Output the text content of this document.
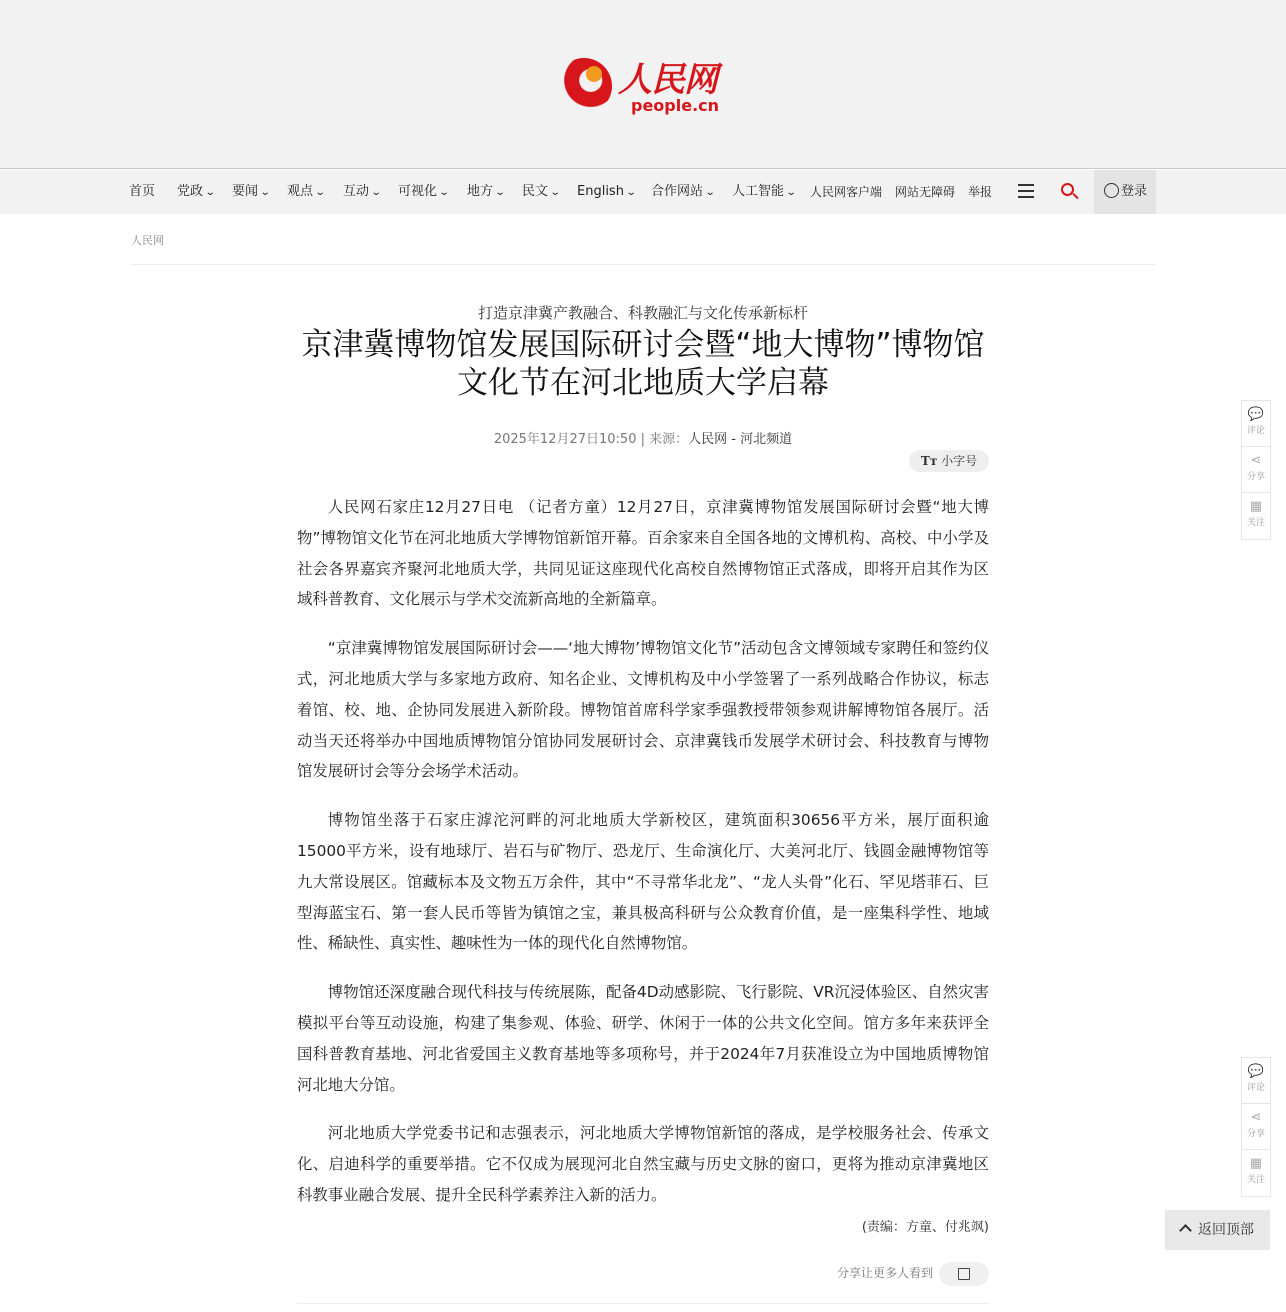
人民网
people.cn
首页 党政 ⌄ 要闻 ⌄ 观点 ⌄ 互动 ⌄ 可视化 ⌄ 地方 ⌄ 民文 ⌄ English ⌄ 合作网站 ⌄ 人工智能 ⌄ 人民网客户端 网站无障碍 举报	登录
人民网
打造京津冀产教融合、科教融汇与文化传承新标杆
京津冀博物馆发展国际研讨会暨“地大博物”博物馆文化节在河北地质大学启幕
2025年12月27日10:50 | 来源：人民网 - 河北频道
Tт 小字号

人民网石家庄12月27日电 （记者方童）12月27日，京津冀博物馆发展国际研讨会暨“地大博物”博物馆文化节在河北地质大学博物馆新馆开幕。百余家来自全国各地的文博机构、高校、中小学及社会各界嘉宾齐聚河北地质大学，共同见证这座现代化高校自然博物馆正式落成，即将开启其作为区域科普教育、文化展示与学术交流新高地的全新篇章。

“京津冀博物馆发展国际研讨会——‘地大博物’博物馆文化节”活动包含文博领域专家聘任和签约仪式，河北地质大学与多家地方政府、知名企业、文博机构及中小学签署了一系列战略合作协议，标志着馆、校、地、企协同发展进入新阶段。博物馆首席科学家季强教授带领参观讲解博物馆各展厅。活动当天还将举办中国地质博物馆分馆协同发展研讨会、京津冀钱币发展学术研讨会、科技教育与博物馆发展研讨会等分会场学术活动。

博物馆坐落于石家庄滹沱河畔的河北地质大学新校区，建筑面积30656平方米，展厅面积逾15000平方米，设有地球厅、岩石与矿物厅、恐龙厅、生命演化厅、大美河北厅、钱圆金融博物馆等九大常设展区。馆藏标本及文物五万余件，其中“不寻常华北龙”、“龙人头骨”化石、罕见塔菲石、巨型海蓝宝石、第一套人民币等皆为镇馆之宝，兼具极高科研与公众教育价值，是一座集科学性、地域性、稀缺性、真实性、趣味性为一体的现代化自然博物馆。

博物馆还深度融合现代科技与传统展陈，配备4D动感影院、飞行影院、VR沉浸体验区、自然灾害模拟平台等互动设施，构建了集参观、体验、研学、休闲于一体的公共文化空间。馆方多年来获评全国科普教育基地、河北省爱国主义教育基地等多项称号，并于2024年7月获准设立为中国地质博物馆河北地大分馆。

河北地质大学党委书记和志强表示，河北地质大学博物馆新馆的落成，是学校服务社会、传承文化、启迪科学的重要举措。它不仅成为展现河北自然宝藏与历史文脉的窗口，更将为推动京津冀地区科教事业融合发展、提升全民科学素养注入新的活力。

(责编：方童、付兆飒)
分享让更多人看到
💬
评论
⋖
分享
▦
关注
💬
评论
⋖
分享
▦
关注
返回顶部
